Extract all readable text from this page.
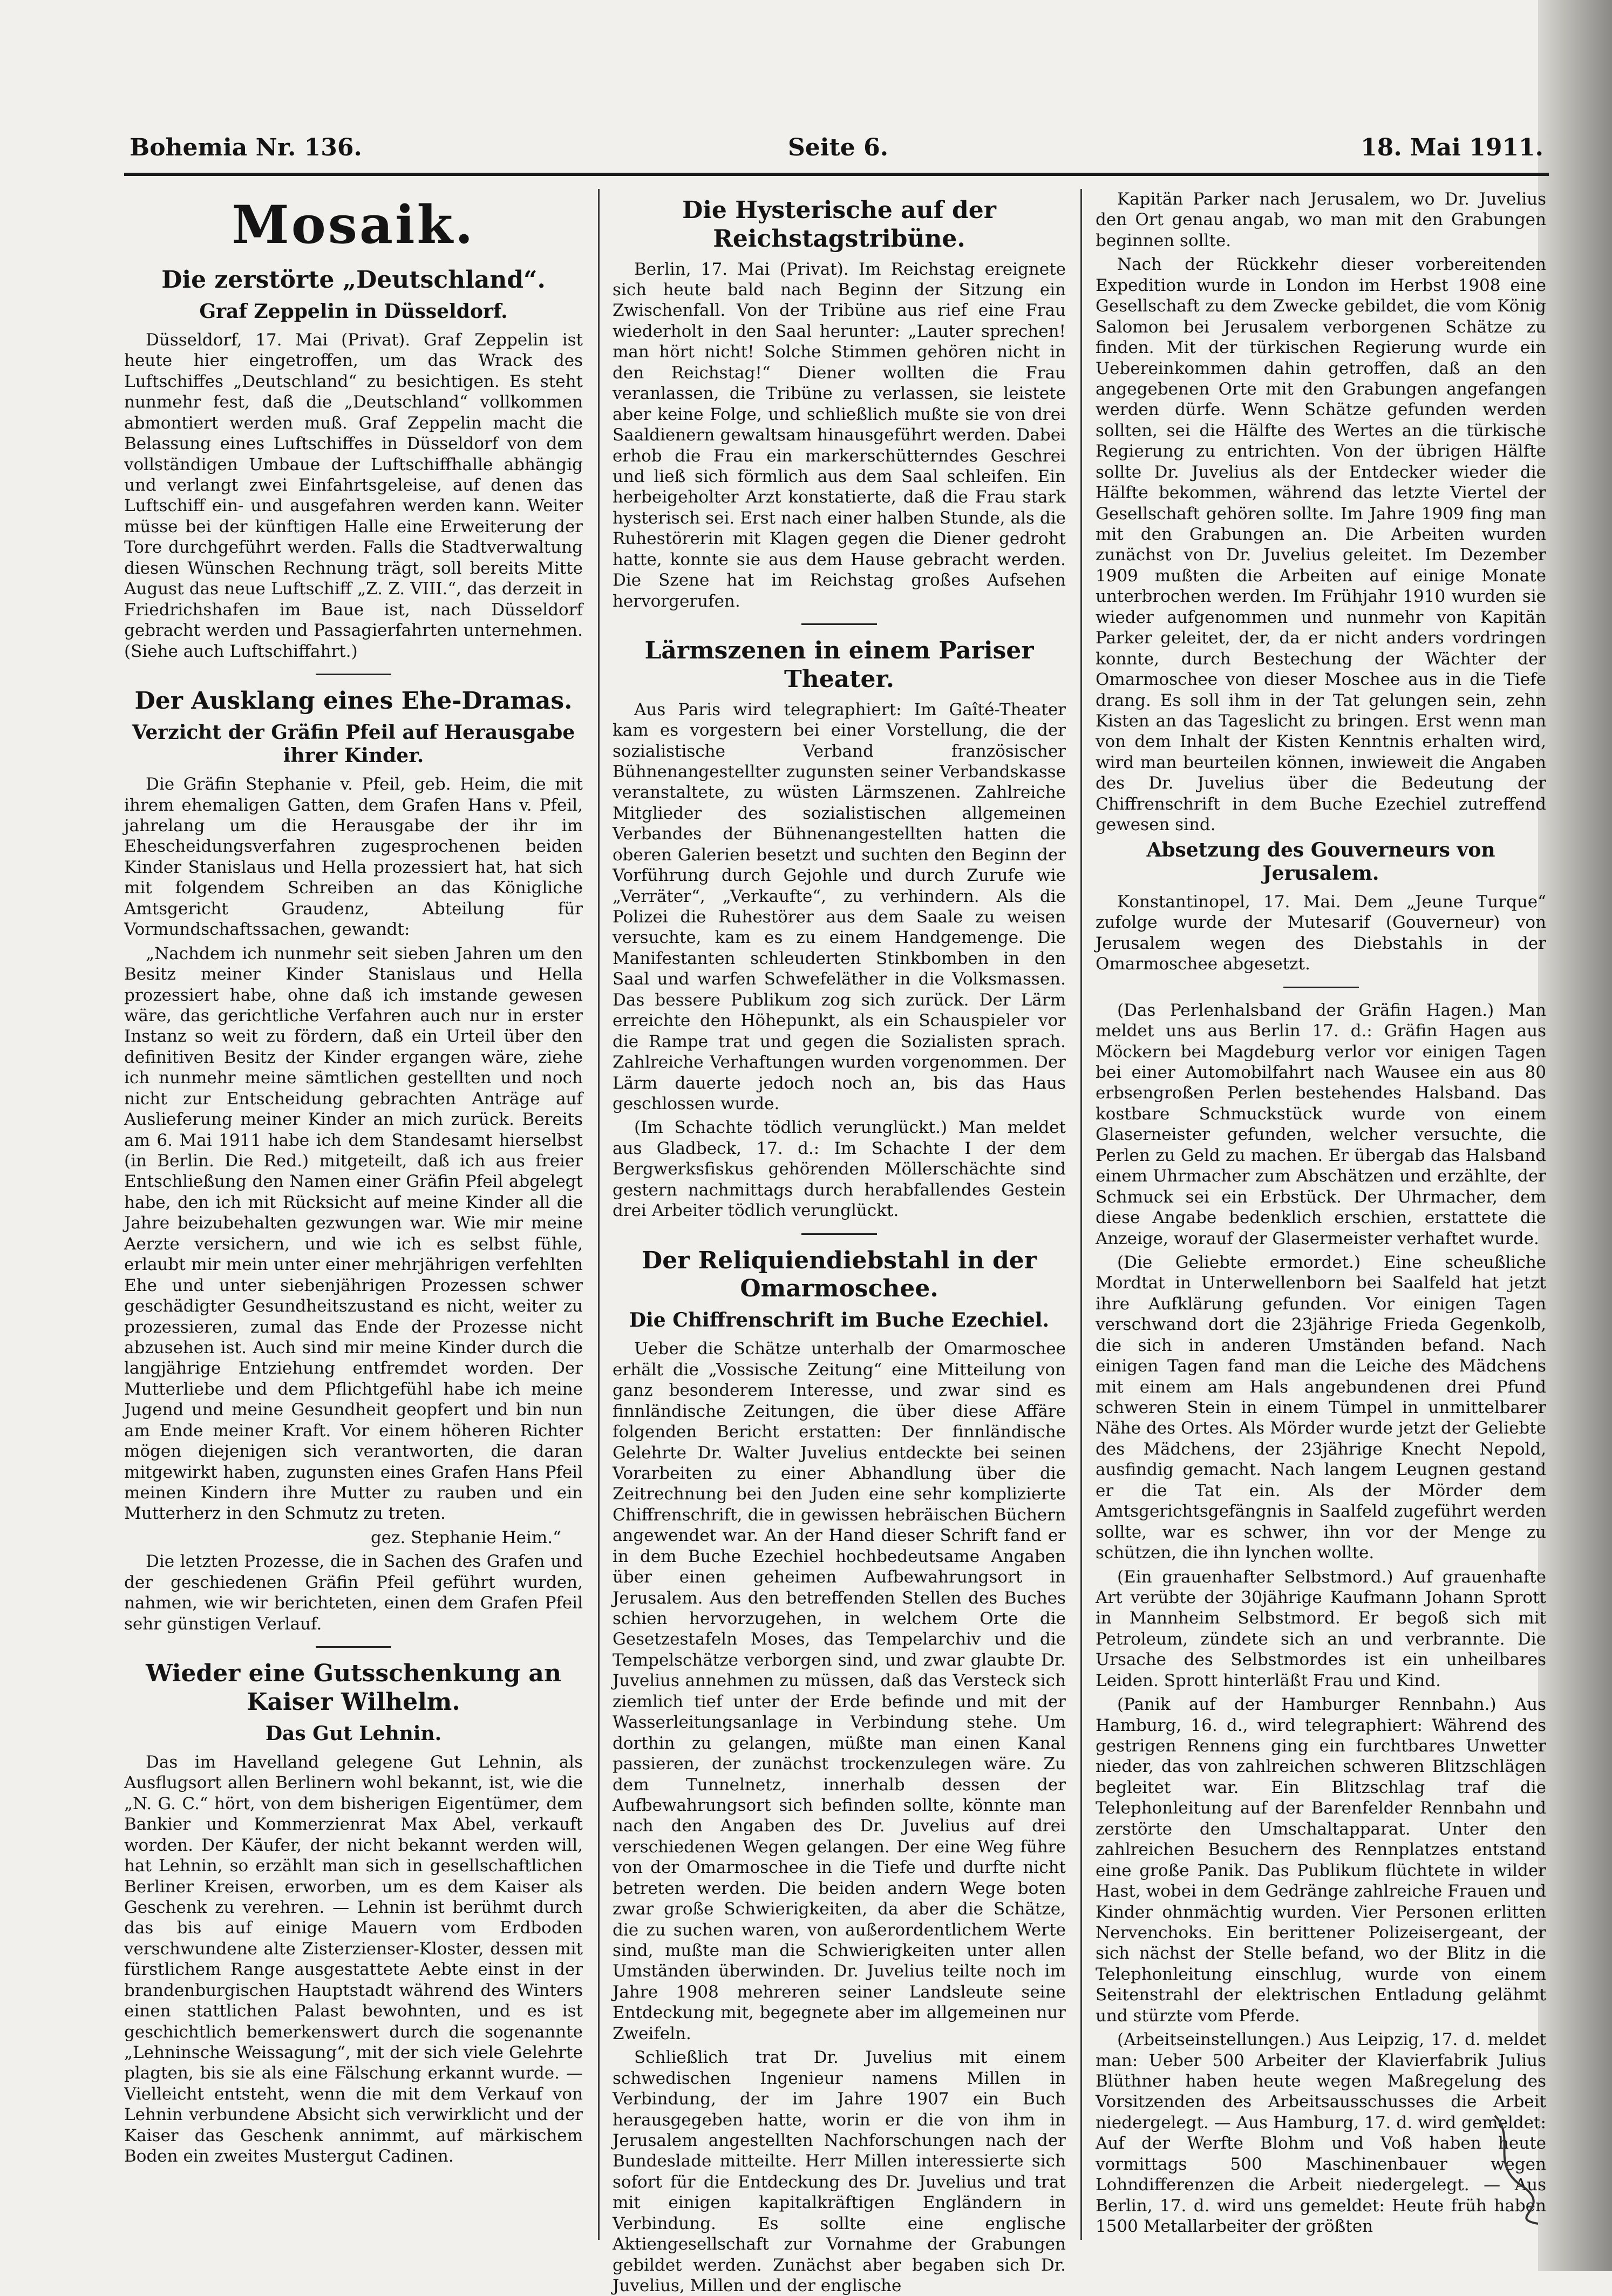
Bohemia Nr. 136.	Seite 6.	18. Mai 1911.
Mosaik.
Die zerstörte „Deutschland“.
Graf Zeppelin in Düsseldorf.

Düsseldorf, 17. Mai (Privat). Graf Zeppelin ist heute hier eingetroffen, um das Wrack des Luftschiffes „Deutschland“ zu besichtigen. Es steht nunmehr fest, daß die „Deutschland“ vollkommen abmontiert werden muß. Graf Zeppelin macht die Belassung eines Luftschiffes in Düsseldorf von dem vollständigen Umbaue der Luftschiffhalle abhängig und verlangt zwei Einfahrtsgeleise, auf denen das Luftschiff ein- und ausgefahren werden kann. Weiter müsse bei der künftigen Halle eine Erweiterung der Tore durchgeführt werden. Falls die Stadtverwaltung diesen Wünschen Rechnung trägt, soll bereits Mitte August das neue Luftschiff „Z. Z. VIII.“, das derzeit in Friedrichshafen im Baue ist, nach Düsseldorf gebracht werden und Passagierfahrten unternehmen. (Siehe auch Luftschiffahrt.)

Der Ausklang eines Ehe-Dramas.
Verzicht der Gräfin Pfeil auf Herausgabe ihrer Kinder.

Die Gräfin Stephanie v. Pfeil, geb. Heim, die mit ihrem ehemaligen Gatten, dem Grafen Hans v. Pfeil, jahrelang um die Herausgabe der ihr im Ehescheidungsverfahren zugesprochenen beiden Kinder Stanislaus und Hella prozessiert hat, hat sich mit folgendem Schreiben an das Königliche Amtsgericht Graudenz, Abteilung für Vormundschaftssachen, gewandt:

„Nachdem ich nunmehr seit sieben Jahren um den Besitz meiner Kinder Stanislaus und Hella prozessiert habe, ohne daß ich imstande gewesen wäre, das gerichtliche Verfahren auch nur in erster Instanz so weit zu fördern, daß ein Urteil über den definitiven Besitz der Kinder ergangen wäre, ziehe ich nunmehr meine sämtlichen gestellten und noch nicht zur Entscheidung gebrachten Anträge auf Auslieferung meiner Kinder an mich zurück. Bereits am 6. Mai 1911 habe ich dem Standesamt hierselbst (in Berlin. Die Red.) mitgeteilt, daß ich aus freier Entschließung den Namen einer Gräfin Pfeil abgelegt habe, den ich mit Rücksicht auf meine Kinder all die Jahre beizubehalten gezwungen war. Wie mir meine Aerzte versichern, und wie ich es selbst fühle, erlaubt mir mein unter einer mehrjährigen verfehlten Ehe und unter siebenjährigen Prozessen schwer geschädigter Gesundheitszustand es nicht, weiter zu prozessieren, zumal das Ende der Prozesse nicht abzusehen ist. Auch sind mir meine Kinder durch die langjährige Entziehung entfremdet worden. Der Mutterliebe und dem Pflichtgefühl habe ich meine Jugend und meine Gesundheit geopfert und bin nun am Ende meiner Kraft. Vor einem höheren Richter mögen diejenigen sich verantworten, die daran mitgewirkt haben, zugunsten eines Grafen Hans Pfeil meinen Kindern ihre Mutter zu rauben und ein Mutterherz in den Schmutz zu treten.

gez. Stephanie Heim.“

Die letzten Prozesse, die in Sachen des Grafen und der geschiedenen Gräfin Pfeil geführt wurden, nahmen, wie wir berichteten, einen dem Grafen Pfeil sehr günstigen Verlauf.

Wieder eine Gutsschenkung an Kaiser Wilhelm.
Das Gut Lehnin.

Das im Havelland gelegene Gut Lehnin, als Ausflugsort allen Berlinern wohl bekannt, ist, wie die „N. G. C.“ hört, von dem bisherigen Eigentümer, dem Bankier und Kommerzienrat Max Abel, verkauft worden. Der Käufer, der nicht bekannt werden will, hat Lehnin, so erzählt man sich in gesellschaftlichen Berliner Kreisen, erworben, um es dem Kaiser als Geschenk zu verehren. — Lehnin ist berühmt durch das bis auf einige Mauern vom Erdboden verschwundene alte Zisterzienser-Kloster, dessen mit fürstlichem Range ausgestattete Aebte einst in der brandenburgischen Hauptstadt während des Winters einen stattlichen Palast bewohnten, und es ist geschichtlich bemerkenswert durch die sogenannte „Lehninsche Weissagung“, mit der sich viele Gelehrte plagten, bis sie als eine Fälschung erkannt wurde. — Vielleicht entsteht, wenn die mit dem Verkauf von Lehnin verbundene Absicht sich verwirklicht und der Kaiser das Geschenk annimmt, auf märkischem Boden ein zweites Mustergut Cadinen.

Die Hysterische auf der Reichstagstribüne.

Berlin, 17. Mai (Privat). Im Reichstag ereignete sich heute bald nach Beginn der Sitzung ein Zwischenfall. Von der Tribüne aus rief eine Frau wiederholt in den Saal herunter: „Lauter sprechen! man hört nicht! Solche Stimmen gehören nicht in den Reichstag!“ Diener wollten die Frau veranlassen, die Tribüne zu verlassen, sie leistete aber keine Folge, und schließlich mußte sie von drei Saaldienern gewaltsam hinausgeführt werden. Dabei erhob die Frau ein markerschütterndes Geschrei und ließ sich förmlich aus dem Saal schleifen. Ein herbeigeholter Arzt konstatierte, daß die Frau stark hysterisch sei. Erst nach einer halben Stunde, als die Ruhestörerin mit Klagen gegen die Diener gedroht hatte, konnte sie aus dem Hause gebracht werden. Die Szene hat im Reichstag großes Aufsehen hervorgerufen.

Lärmszenen in einem Pariser Theater.

Aus Paris wird telegraphiert: Im Gaîté-Theater kam es vorgestern bei einer Vorstellung, die der sozialistische Verband französischer Bühnenangestellter zugunsten seiner Verbandskasse veranstaltete, zu wüsten Lärmszenen. Zahlreiche Mitglieder des sozialistischen allgemeinen Verbandes der Bühnenangestellten hatten die oberen Galerien besetzt und suchten den Beginn der Vorführung durch Gejohle und durch Zurufe wie „Verräter“, „Verkaufte“, zu verhindern. Als die Polizei die Ruhestörer aus dem Saale zu weisen versuchte, kam es zu einem Handgemenge. Die Manifestanten schleuderten Stinkbomben in den Saal und warfen Schwefeläther in die Volksmassen. Das bessere Publikum zog sich zurück. Der Lärm erreichte den Höhepunkt, als ein Schauspieler vor die Rampe trat und gegen die Sozialisten sprach. Zahlreiche Verhaftungen wurden vorgenommen. Der Lärm dauerte jedoch noch an, bis das Haus geschlossen wurde.

(Im Schachte tödlich verunglückt.) Man meldet aus Gladbeck, 17. d.: Im Schachte I der dem Bergwerksfiskus gehörenden Möllerschächte sind gestern nachmittags durch herabfallendes Gestein drei Arbeiter tödlich verunglückt.

Der Reliquiendiebstahl in der Omarmoschee.
Die Chiffrenschrift im Buche Ezechiel.

Ueber die Schätze unterhalb der Omarmoschee erhält die „Vossische Zeitung“ eine Mitteilung von ganz besonderem Interesse, und zwar sind es finnländische Zeitungen, die über diese Affäre folgenden Bericht erstatten: Der finnländische Gelehrte Dr. Walter Juvelius entdeckte bei seinen Vorarbeiten zu einer Abhandlung über die Zeitrechnung bei den Juden eine sehr komplizierte Chiffrenschrift, die in gewissen hebräischen Büchern angewendet war. An der Hand dieser Schrift fand er in dem Buche Ezechiel hochbedeutsame Angaben über einen geheimen Aufbewahrungsort in Jerusalem. Aus den betreffenden Stellen des Buches schien hervorzugehen, in welchem Orte die Gesetzestafeln Moses, das Tempelarchiv und die Tempelschätze verborgen sind, und zwar glaubte Dr. Juvelius annehmen zu müssen, daß das Versteck sich ziemlich tief unter der Erde befinde und mit der Wasserleitungsanlage in Verbindung stehe. Um dorthin zu gelangen, müßte man einen Kanal passieren, der zunächst trockenzulegen wäre. Zu dem Tunnelnetz, innerhalb dessen der Aufbewahrungsort sich befinden sollte, könnte man nach den Angaben des Dr. Juvelius auf drei verschiedenen Wegen gelangen. Der eine Weg führe von der Omarmoschee in die Tiefe und durfte nicht betreten werden. Die beiden andern Wege boten zwar große Schwierigkeiten, da aber die Schätze, die zu suchen waren, von außerordentlichem Werte sind, mußte man die Schwierigkeiten unter allen Umständen überwinden. Dr. Juvelius teilte noch im Jahre 1908 mehreren seiner Landsleute seine Entdeckung mit, begegnete aber im allgemeinen nur Zweifeln.

Schließlich trat Dr. Juvelius mit einem schwedischen Ingenieur namens Millen in Verbindung, der im Jahre 1907 ein Buch herausgegeben hatte, worin er die von ihm in Jerusalem angestellten Nachforschungen nach der Bundeslade mitteilte. Herr Millen interessierte sich sofort für die Entdeckung des Dr. Juvelius und trat mit einigen kapitalkräftigen Engländern in Verbindung. Es sollte eine englische Aktiengesellschaft zur Vornahme der Grabungen gebildet werden. Zunächst aber begaben sich Dr. Juvelius, Millen und der englische

Kapitän Parker nach Jerusalem, wo Dr. Juvelius den Ort genau angab, wo man mit den Grabungen beginnen sollte.

Nach der Rückkehr dieser vorbereitenden Expedition wurde in London im Herbst 1908 eine Gesellschaft zu dem Zwecke gebildet, die vom König Salomon bei Jerusalem verborgenen Schätze zu finden. Mit der türkischen Regierung wurde ein Uebereinkommen dahin getroffen, daß an den angegebenen Orte mit den Grabungen angefangen werden dürfe. Wenn Schätze gefunden werden sollten, sei die Hälfte des Wertes an die türkische Regierung zu entrichten. Von der übrigen Hälfte sollte Dr. Juvelius als der Entdecker wieder die Hälfte bekommen, während das letzte Viertel der Gesellschaft gehören sollte. Im Jahre 1909 fing man mit den Grabungen an. Die Arbeiten wurden zunächst von Dr. Juvelius geleitet. Im Dezember 1909 mußten die Arbeiten auf einige Monate unterbrochen werden. Im Frühjahr 1910 wurden sie wieder aufgenommen und nunmehr von Kapitän Parker geleitet, der, da er nicht anders vordringen konnte, durch Bestechung der Wächter der Omarmoschee von dieser Moschee aus in die Tiefe drang. Es soll ihm in der Tat gelungen sein, zehn Kisten an das Tageslicht zu bringen. Erst wenn man von dem Inhalt der Kisten Kenntnis erhalten wird, wird man beurteilen können, inwieweit die Angaben des Dr. Juvelius über die Bedeutung der Chiffrenschrift in dem Buche Ezechiel zutreffend gewesen sind.

Absetzung des Gouverneurs von Jerusalem.

Konstantinopel, 17. Mai. Dem „Jeune Turque“ zufolge wurde der Mutesarif (Gouverneur) von Jerusalem wegen des Diebstahls in der Omarmoschee abgesetzt.

(Das Perlenhalsband der Gräfin Hagen.) Man meldet uns aus Berlin 17. d.: Gräfin Hagen aus Möckern bei Magdeburg verlor vor einigen Tagen bei einer Automobilfahrt nach Wausee ein aus 80 erbsengroßen Perlen bestehendes Halsband. Das kostbare Schmuckstück wurde von einem Glaserneister gefunden, welcher versuchte, die Perlen zu Geld zu machen. Er übergab das Halsband einem Uhrmacher zum Abschätzen und erzählte, der Schmuck sei ein Erbstück. Der Uhrmacher, dem diese Angabe bedenklich erschien, erstattete die Anzeige, worauf der Glasermeister verhaftet wurde.

(Die Geliebte ermordet.) Eine scheußliche Mordtat in Unterwellenborn bei Saalfeld hat jetzt ihre Aufklärung gefunden. Vor einigen Tagen verschwand dort die 23jährige Frieda Gegenkolb, die sich in anderen Umständen befand. Nach einigen Tagen fand man die Leiche des Mädchens mit einem am Hals angebundenen drei Pfund schweren Stein in einem Tümpel in unmittelbarer Nähe des Ortes. Als Mörder wurde jetzt der Geliebte des Mädchens, der 23jährige Knecht Nepold, ausfindig gemacht. Nach langem Leugnen gestand er die Tat ein. Als der Mörder dem Amtsgerichtsgefängnis in Saalfeld zugeführt werden sollte, war es schwer, ihn vor der Menge zu schützen, die ihn lynchen wollte.

(Ein grauenhafter Selbstmord.) Auf grauenhafte Art verübte der 30jährige Kaufmann Johann Sprott in Mannheim Selbstmord. Er begoß sich mit Petroleum, zündete sich an und verbrannte. Die Ursache des Selbstmordes ist ein unheilbares Leiden. Sprott hinterläßt Frau und Kind.

(Panik auf der Hamburger Rennbahn.) Aus Hamburg, 16. d., wird telegraphiert: Während des gestrigen Rennens ging ein furchtbares Unwetter nieder, das von zahlreichen schweren Blitzschlägen begleitet war. Ein Blitzschlag traf die Telephonleitung auf der Barenfelder Rennbahn und zerstörte den Umschaltapparat. Unter den zahlreichen Besuchern des Rennplatzes entstand eine große Panik. Das Publikum flüchtete in wilder Hast, wobei in dem Gedränge zahlreiche Frauen und Kinder ohnmächtig wurden. Vier Personen erlitten Nervenchoks. Ein berittener Polizeisergeant, der sich nächst der Stelle befand, wo der Blitz in die Telephonleitung einschlug, wurde von einem Seitenstrahl der elektrischen Entladung gelähmt und stürzte vom Pferde.

(Arbeitseinstellungen.) Aus Leipzig, 17. d. meldet man: Ueber 500 Arbeiter der Klavierfabrik Julius Blüthner haben heute wegen Maßregelung des Vorsitzenden des Arbeitsausschusses die Arbeit niedergelegt. — Aus Hamburg, 17. d. wird gemeldet: Auf der Werfte Blohm und Voß haben heute vormittags 500 Maschinenbauer wegen Lohndifferenzen die Arbeit niedergelegt. — Aus Berlin, 17. d. wird uns gemeldet: Heute früh haben 1500 Metallarbeiter der größten
